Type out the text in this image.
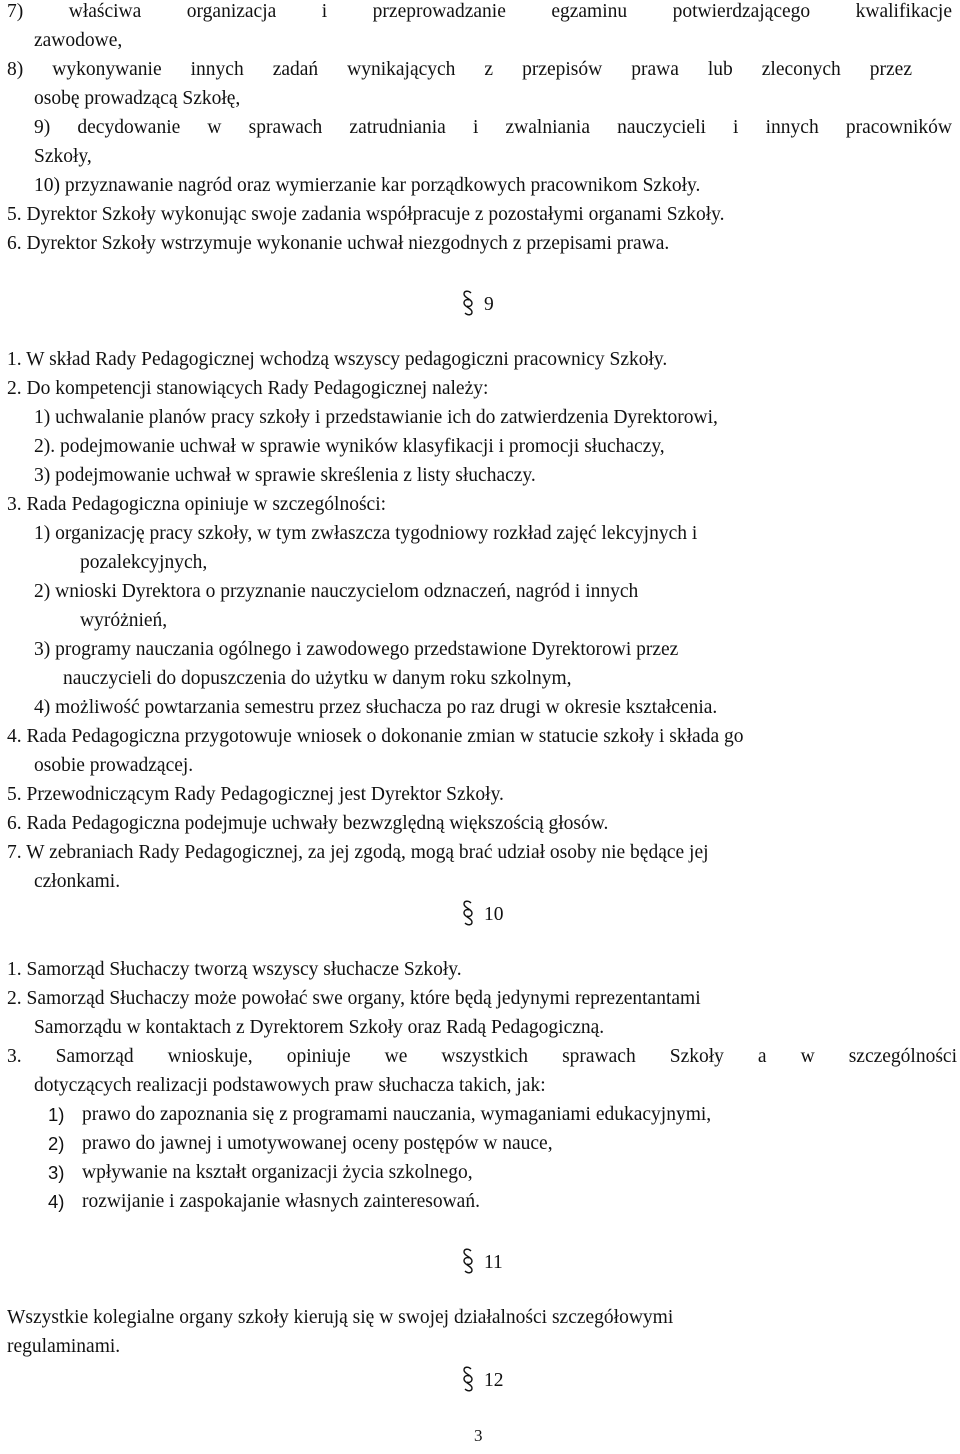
7) właściwa organizacja i przeprowadzanie egzaminu potwierdzającego kwalifikacje
zawodowe,
8) wykonywanie innych zadań wynikających z przepisów prawa lub zleconych przez
osobę prowadzącą Szkołę,
9) decydowanie w sprawach zatrudniania i zwalniania nauczycieli i innych pracowników
Szkoły,
10) przyznawanie nagród oraz wymierzanie kar porządkowych pracownikom Szkoły.
5. Dyrektor Szkoły wykonując swoje zadania współpracuje z pozostałymi organami Szkoły.
6. Dyrektor Szkoły wstrzymuje wykonanie uchwał niezgodnych z przepisami prawa.
9
1. W skład Rady Pedagogicznej wchodzą wszyscy pedagogiczni pracownicy Szkoły.
2. Do kompetencji stanowiących Rady Pedagogicznej należy:
1) uchwalanie planów pracy szkoły i przedstawianie ich do zatwierdzenia Dyrektorowi,
2). podejmowanie uchwał w sprawie wyników klasyfikacji i promocji słuchaczy,
3) podejmowanie uchwał w sprawie skreślenia z listy słuchaczy.
3. Rada Pedagogiczna opiniuje w szczególności:
1) organizację pracy szkoły, w tym zwłaszcza tygodniowy rozkład zajęć lekcyjnych i
pozalekcyjnych,
2) wnioski Dyrektora o przyznanie nauczycielom odznaczeń, nagród i innych
wyróżnień,
3) programy nauczania ogólnego i zawodowego przedstawione Dyrektorowi przez
nauczycieli do dopuszczenia do użytku w danym roku szkolnym,
4) możliwość powtarzania semestru przez słuchacza po raz drugi w okresie kształcenia.
4. Rada Pedagogiczna przygotowuje wniosek o dokonanie zmian w statucie szkoły i składa go
osobie prowadzącej.
5. Przewodniczącym Rady Pedagogicznej jest Dyrektor Szkoły.
6. Rada Pedagogiczna podejmuje uchwały bezwzględną większością głosów.
7. W zebraniach Rady Pedagogicznej, za jej zgodą, mogą brać udział osoby nie będące jej
członkami.
10
1. Samorząd Słuchaczy tworzą wszyscy słuchacze Szkoły.
2. Samorząd Słuchaczy może powołać swe organy, które będą jedynymi reprezentantami
Samorządu w kontaktach z Dyrektorem Szkoły oraz Radą Pedagogiczną.
3. Samorząd wnioskuje, opiniuje we wszystkich sprawach Szkoły a w szczególności
dotyczących realizacji podstawowych praw słuchacza takich, jak:
1) prawo do zapoznania się z programami nauczania, wymaganiami edukacyjnymi,
2) prawo do jawnej i umotywowanej oceny postępów w nauce,
3) wpływanie na kształt organizacji życia szkolnego,
4) rozwijanie i zaspokajanie własnych zainteresowań.
11
Wszystkie kolegialne organy szkoły kierują się w swojej działalności szczegółowymi
regulaminami.
12
3
